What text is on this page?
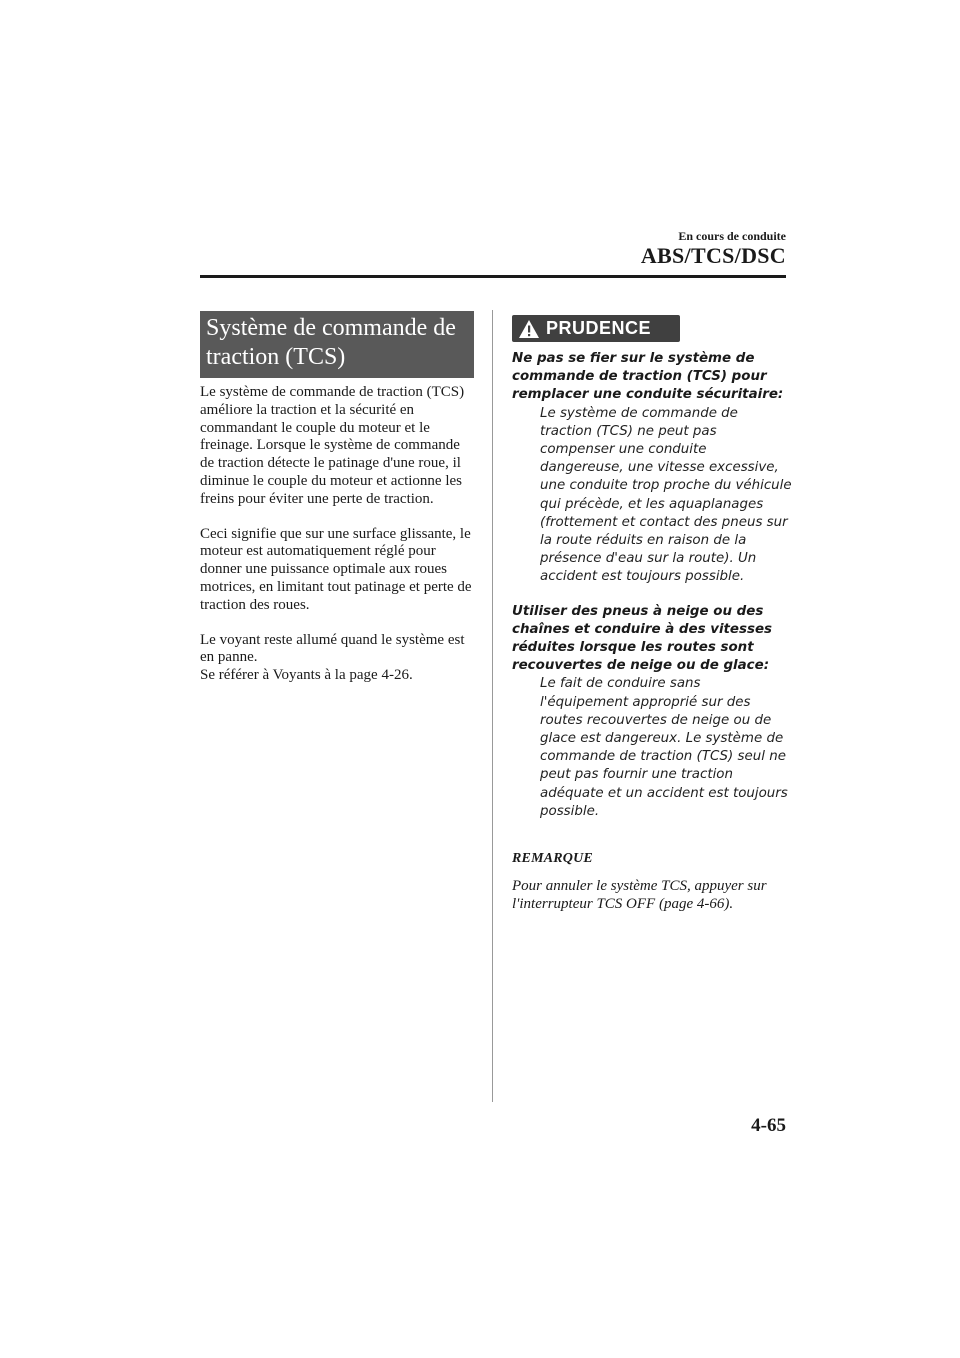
En cours de conduite
ABS/TCS/DSC
Système de commande de traction (TCS)

Le système de commande de traction (TCS) améliore la traction et la sécurité en commandant le couple du moteur et le freinage. Lorsque le système de commande de traction détecte le patinage d'une roue, il diminue le couple du moteur et actionne les freins pour éviter une perte de traction.

Ceci signifie que sur une surface glissante, le moteur est automatiquement réglé pour donner une puissance optimale aux roues motrices, en limitant tout patinage et perte de traction des roues.

Le voyant reste allumé quand le système est en panne.
Se référer à Voyants à la page 4-26.

PRUDENCE

Ne pas se fier sur le système de commande de traction (TCS) pour remplacer une conduite sécuritaire:

Le système de commande de traction (TCS) ne peut pas compenser une conduite dangereuse, une vitesse excessive, une conduite trop proche du véhicule qui précède, et les aquaplanages (frottement et contact des pneus sur la route réduits en raison de la présence d'eau sur la route). Un accident est toujours possible.

Utiliser des pneus à neige ou des chaînes et conduire à des vitesses réduites lorsque les routes sont recouvertes de neige ou de glace:

Le fait de conduire sans l'équipement approprié sur des routes recouvertes de neige ou de glace est dangereux. Le système de commande de traction (TCS) seul ne peut pas fournir une traction adéquate et un accident est toujours possible.

REMARQUE

Pour annuler le système TCS, appuyer sur l'interrupteur TCS OFF (page 4-66).

4-65
